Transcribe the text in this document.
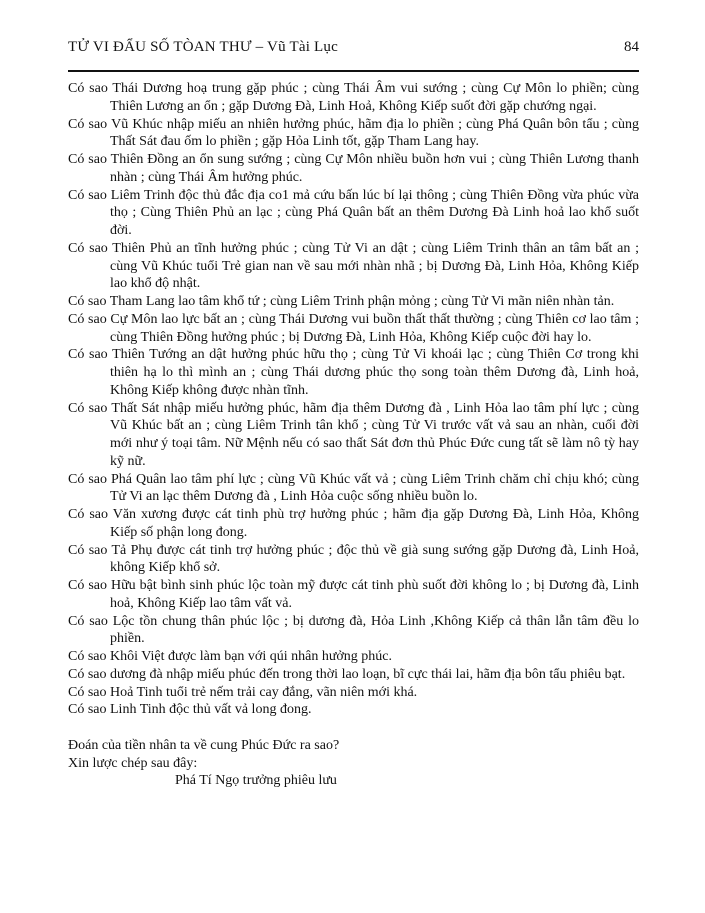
TỬ VI ĐẨU SỐ TÒAN THƯ – Vũ Tài Lục	84

Có sao Thái Dương hoạ trung gặp phúc ; cùng Thái Âm vui sướng ; cùng Cự Môn lo phiền; cùng Thiên Lương an ổn ; gặp Dương Đà, Linh Hoả, Không Kiếp suốt đời gặp chướng ngại.

Có sao Vũ Khúc nhập miếu an nhiên hưởng phúc, hãm địa lo phiền ; cùng Phá Quân bôn tẩu ; cùng Thất Sát đau ốm lo phiền ; gặp Hỏa Linh tốt, gặp Tham Lang hay.

Có sao Thiên Đồng an ổn sung sướng ; cùng Cự Môn nhiều buồn hơn vui ; cùng Thiên Lương thanh nhàn ; cùng Thái Âm hưởng phúc.

Có sao Liêm Trinh độc thủ đắc địa co1 mả cứu bấn lúc bí lại thông ; cùng Thiên Đồng vừa phúc vừa thọ ; Cùng Thiên Phủ an lạc ; cùng Phá Quân bất an thêm Dương Đà Linh hoả lao khổ suốt đời.

Có sao Thiên Phủ an tĩnh hưởng phúc ; cùng Tử Vi an dật ; cùng Liêm Trinh thân an tâm bất an ; cùng Vũ Khúc tuổi Trẻ gian nan về sau mới nhàn nhã ; bị Dương Đà, Linh Hỏa, Không Kiếp lao khổ độ nhật.

Có sao Tham Lang lao tâm khổ tứ ; cùng Liêm Trinh phận mỏng ; cùng Tử Vi mãn niên nhàn tản.

Có sao Cự Môn lao lực bất an ; cùng Thái Dương vui buồn thất thất thường ; cùng Thiên cơ lao tâm ; cùng Thiên Đồng hưởng phúc ; bị Dương Đà, Linh Hỏa, Không Kiếp cuộc đời hay lo.

Có sao Thiên Tướng an dật hưởng phúc hữu thọ ; cùng Tử Vi khoái lạc ; cùng Thiên Cơ trong khi thiên hạ lo thì mình an ; cùng Thái dương phúc thọ song toàn thêm Dương đà, Linh hoả, Không Kiếp không được nhàn tĩnh.

Có sao Thất Sát nhập miếu hưởng phúc, hãm địa thêm Dương đà , Linh Hỏa lao tâm phí lực ; cùng Vũ Khúc bất an ; cùng Liêm Trinh tân khổ ; cùng Tử Vi trước vất vả sau an nhàn, cuối đời mới như ý toại tâm. Nữ Mệnh nếu có sao thất Sát đơn thủ Phúc Đức cung tất sẽ làm nô tỳ hay kỹ nữ.

Có sao Phá Quân lao tâm phí lực ; cùng Vũ Khúc vất vả ; cùng Liêm Trinh chăm chỉ chịu khó; cùng Tử Vi an lạc thêm Dương đà , Linh Hỏa cuộc sống nhiều buồn lo.

Có sao Văn xương được cát tinh phù trợ hưởng phúc ; hãm địa gặp Dương Đà, Linh Hỏa, Không Kiếp số phận long đong.

Có sao Tả Phụ được cát tinh trợ hưởng phúc ; độc thủ về già sung sướng gặp Dương đà, Linh Hoả, không Kiếp khổ sở.

Có sao Hữu bật bình sinh phúc lộc toàn mỹ được cát tinh phù suốt đời không lo ; bị Dương đà, Linh hoả, Không Kiếp lao tâm vất vả.

Có sao Lộc tồn chung thân phúc lộc ; bị dương đà, Hỏa Linh ,Không Kiếp cả thân lẫn tâm đều lo phiền.

Có sao Khôi Việt được làm bạn với qúi nhân hưởng phúc.

Có sao dương đà nhập miếu phúc đến trong thời lao loạn, bĩ cực thái lai, hãm địa bôn tẩu phiêu bạt.

Có sao Hoả Tinh tuổi trẻ nếm trải cay đắng, vãn niên mới khá.

Có sao Linh Tinh độc thủ vất vả long đong.

Đoán của tiền nhân ta về cung Phúc Đức ra sao?

Xin lược chép sau đây:

Phá Tí Ngọ trưởng phiêu lưu
